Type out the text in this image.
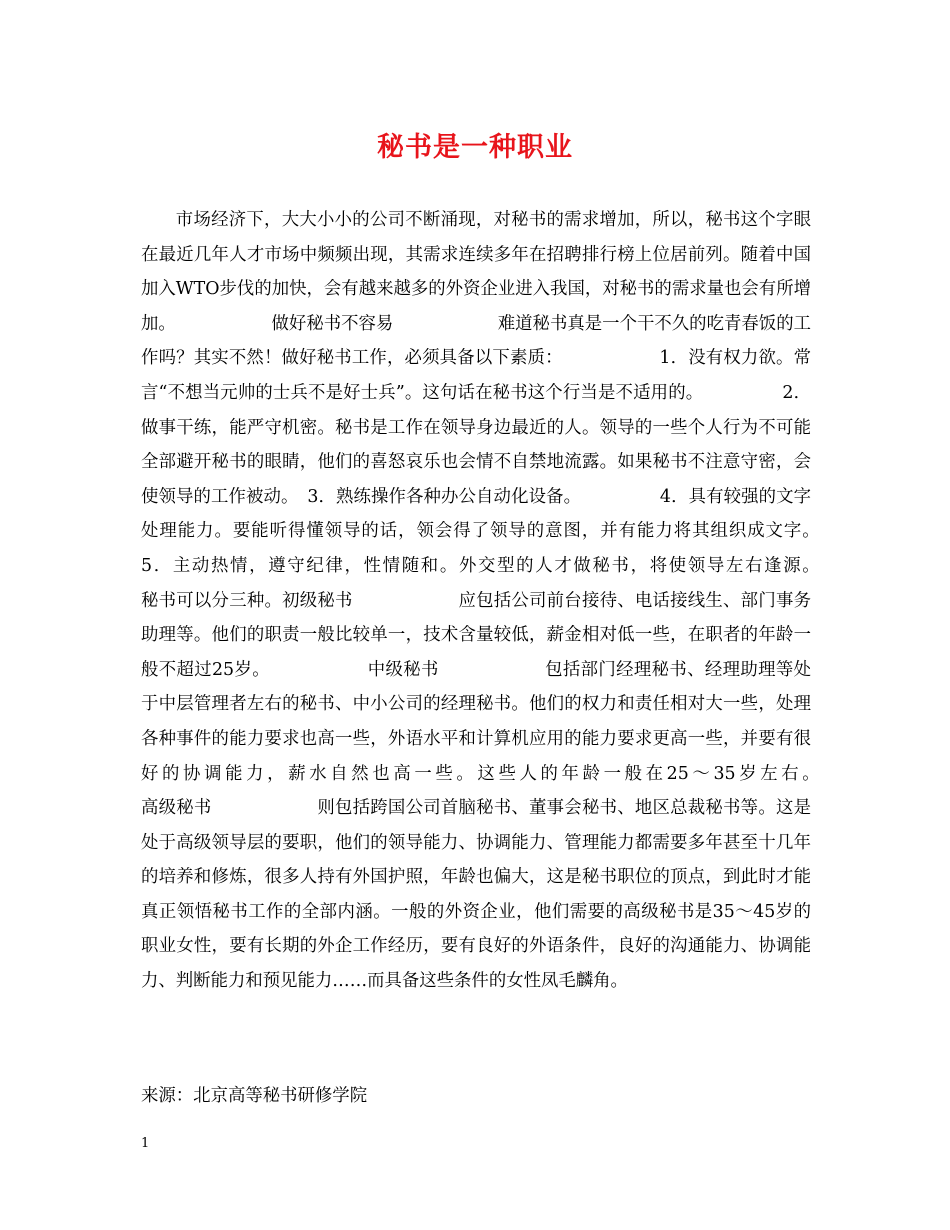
秘书是一种职业

市场经济下，大大小小的公司不断涌现，对秘书的需求增加，所以，秘书这个字眼在最近几年人才市场中频频出现，其需求连续多年在招聘排行榜上位居前列。随着中国加入WTO步伐的加快，会有越来越多的外资企业进入我国，对秘书的需求量也会有所增加。　　　　　　做好秘书不容易　　　　　　难道秘书真是一个干不久的吃青春饭的工作吗？其实不然！做好秘书工作，必须具备以下素质：　　　　　　1．没有权力欲。常言“不想当元帅的士兵不是好士兵”。这句话在秘书这个行当是不适用的。　　　　　2．做事干练，能严守机密。秘书是工作在领导身边最近的人。领导的一些个人行为不可能全部避开秘书的眼睛，他们的喜怒哀乐也会情不自禁地流露。如果秘书不注意守密，会使领导的工作被动。　3．熟练操作各种办公自动化设备。　　　　　4．具有较强的文字处理能力。要能听得懂领导的话，领会得了领导的意图，并有能力将其组织成文字。　　　　　　5．主动热情，遵守纪律，性情随和。外交型的人才做秘书，将使领导左右逢源。　　　　　　秘书可以分三种。初级秘书　　　　　　应包括公司前台接待、电话接线生、部门事务助理等。他们的职责一般比较单一，技术含量较低，薪金相对低一些，在职者的年龄一般不超过25岁。　　　　　　中级秘书　　　　　　包括部门经理秘书、经理助理等处于中层管理者左右的秘书、中小公司的经理秘书。他们的权力和责任相对大一些，处理各种事件的能力要求也高一些，外语水平和计算机应用的能力要求更高一些，并要有很好的协调能力，薪水自然也高一些。这些人的年龄一般在25～35岁左右。　　　　　　高级秘书　　　　　　则包括跨国公司首脑秘书、董事会秘书、地区总裁秘书等。这是处于高级领导层的要职，他们的领导能力、协调能力、管理能力都需要多年甚至十几年的培养和修炼，很多人持有外国护照，年龄也偏大，这是秘书职位的顶点，到此时才能真正领悟秘书工作的全部内涵。一般的外资企业，他们需要的高级秘书是35～45岁的职业女性，要有长期的外企工作经历，要有良好的外语条件，良好的沟通能力、协调能力、判断能力和预见能力……而具备这些条件的女性凤毛麟角。

来源：北京高等秘书研修学院

1
